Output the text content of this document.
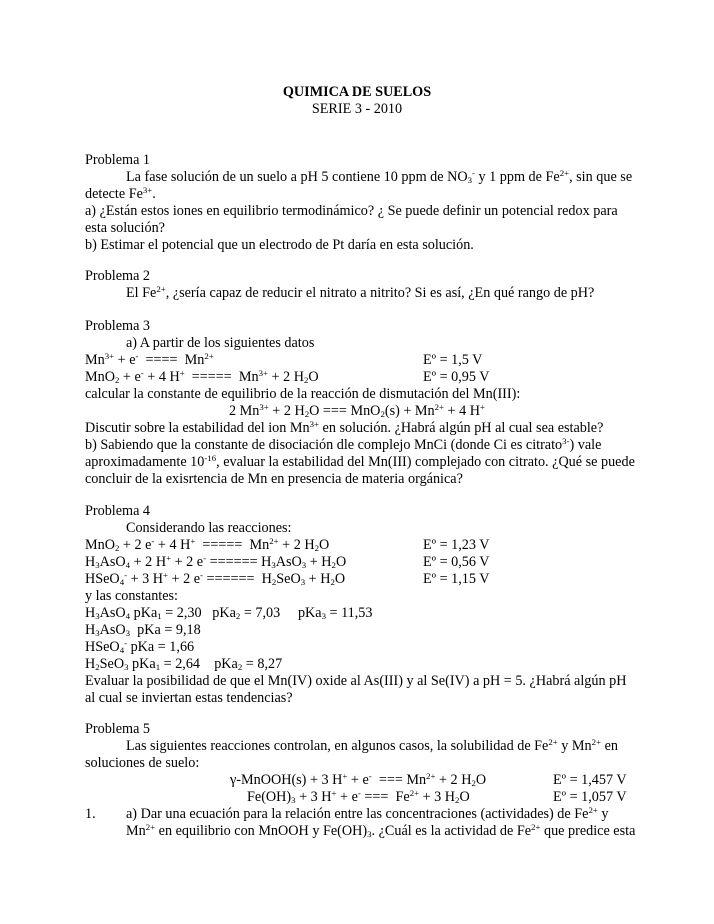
QUIMICA DE SUELOS
SERIE 3 - 2010
Problema 1
La fase solución de un suelo a pH 5 contiene 10 ppm de $NO_3^-$ y 1 ppm de $Fe^{2+}$, sin que se
detecte $Fe^{3+}$.
a) ¿Están estos iones en equilibrio termodinámico? ¿ Se puede definir un potencial redox para
esta solución?
b) Estimar el potencial que un electrodo de Pt daría en esta solución.
Problema 2
El $Fe^{2+}$, ¿sería capaz de reducir el nitrato a nitrito? Si es así, ¿En qué rango de pH?
Problema 3
a) A partir de los siguientes datos
$Mn^{3+} + e^-$  ====  $Mn^{2+}$	Eº = 1,5 V
MnO$_2$ + e- + 4 H+  =====  $Mn^{3+} + 2$ $H_2O$	Eº = 0,95 V
calcular la constante de equilibrio de la reacción de dismutación del Mn(III):
2 $Mn^{3+} + 2$ $H_2O$ === $MnO_2(s) + Mn^{2+} + 4$ H+
Discutir sobre la estabilidad del ion $Mn^{3+}$ en solución. ¿Habrá algún pH al cual sea estable?
b) Sabiendo que la constante de disociación dle complejo MnCi (donde Ci es citrato$^{3-}$) vale
aproximadamente $10^{-16}$, evaluar la estabilidad del Mn(III) complejado con citrato. ¿Qué se puede
concluir de la exisrtencia de Mn en presencia de materia orgánica?
Problema 4
Considerando las reacciones:
MnO$_2$ + 2 e- + 4 H+  =====  $Mn^{2+} + 2$ $H_2O$	Eº = 1,23 V
$H_3AsO_4 + 2$ H+ + 2 e- ====== $H_3AsO_3 + H_2O$	Eº = 0,56 V
HSeO$_4$- + 3 H+ + 2 e- ======  $H_2SeO_3 + H_2O$	Eº = 1,15 V
y las constantes:
$H_3AsO_4$ pKa$_1$ = 2,30   pKa$_2$ = 7,03     pKa$_3$ = 11,53
$H_3AsO_3$  pKa = 9,18
HSeO$_4$- pKa = 1,66
$H_2SeO_3$ pKa$_1$ = 2,64    pKa$_2$ = 8,27
Evaluar la posibilidad de que el Mn(IV) oxide al As(III) y al Se(IV) a pH = 5. ¿Habrá algún pH
al cual se inviertan estas tendencias?
Problema 5
Las siguientes reacciones controlan, en algunos casos, la solubilidad de $Fe^{2+}$ y $Mn^{2+}$ en
soluciones de suelo:
γ-MnOOH(s) + 3 H+ + e-  === $Mn^{2+} + 2$ $H_2O$	Eº = 1,457 V
$Fe(OH)_3 + 3$ H+ + e- ===  $Fe^{2+} + 3$ $H_2O$	Eº = 1,057 V
1. a) Dar una ecuación para la relación entre las concentraciones (actividades) de $Fe^{2+}$ y
$Mn^{2+}$ en equilibrio con MnOOH y $Fe(OH)_3$. ¿Cuál es la actividad de $Fe^{2+}$ que predice esta
